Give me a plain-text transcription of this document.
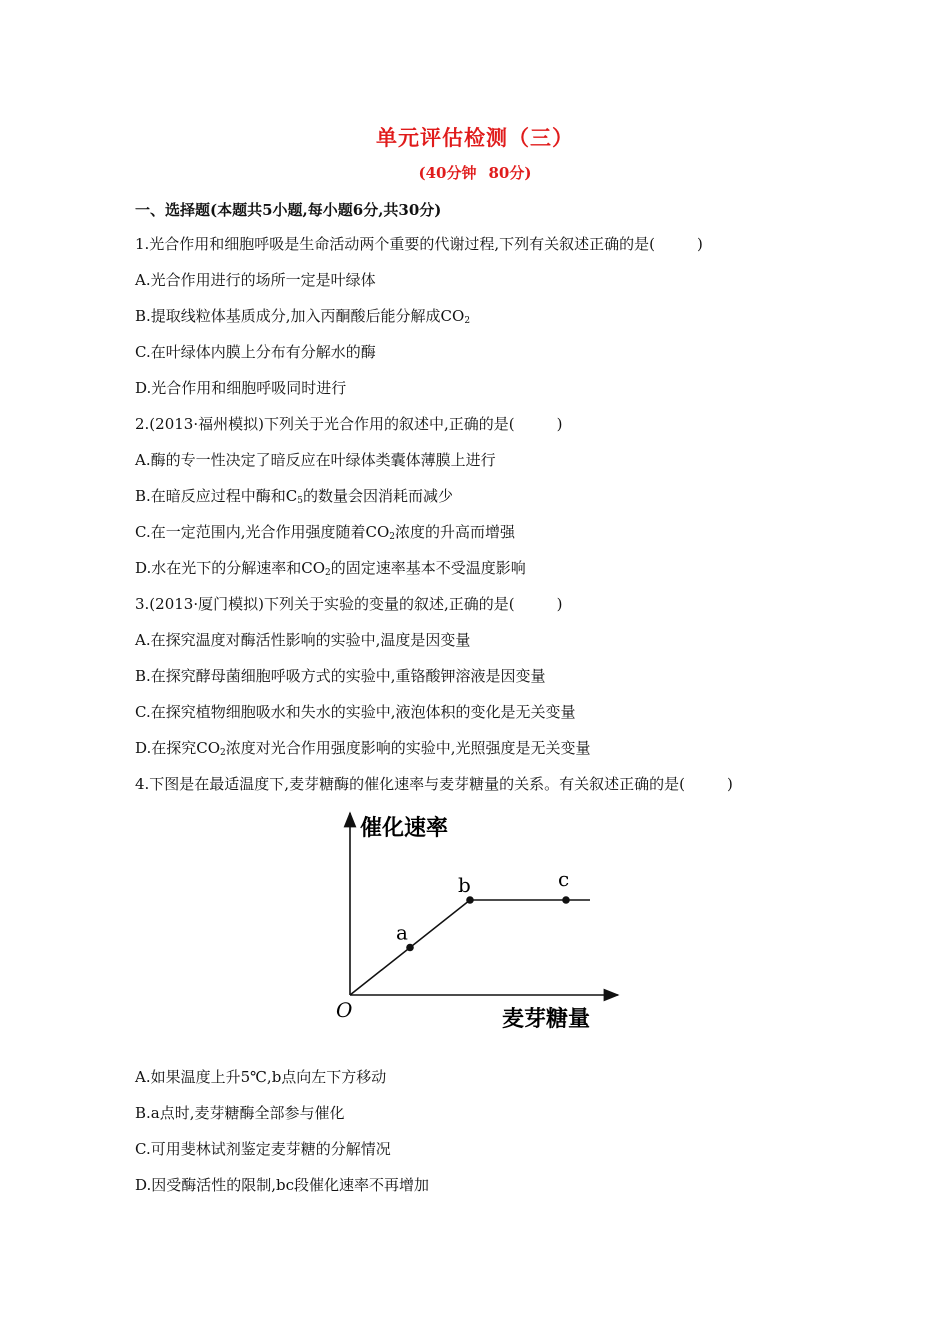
单元评估检测（三）
(40分钟 80分)
一、选择题(本题共5小题,每小题6分,共30分)
1.光合作用和细胞呼吸是生命活动两个重要的代谢过程,下列有关叙述正确的是(	)
A.光合作用进行的场所一定是叶绿体
B.提取线粒体基质成分,加入丙酮酸后能分解成$CO_2$
C.在叶绿体内膜上分布有分解水的酶
D.光合作用和细胞呼吸同时进行
2.(2013·福州模拟)下列关于光合作用的叙述中,正确的是(	)
A.酶的专一性决定了暗反应在叶绿体类囊体薄膜上进行
B.在暗反应过程中酶和$C_5$的数量会因消耗而减少
C.在一定范围内,光合作用强度随着$CO_2$浓度的升高而增强
D.水在光下的分解速率和$CO_2$的固定速率基本不受温度影响
3.(2013·厦门模拟)下列关于实验的变量的叙述,正确的是(	)
A.在探究温度对酶活性影响的实验中,温度是因变量
B.在探究酵母菌细胞呼吸方式的实验中,重铬酸钾溶液是因变量
C.在探究植物细胞吸水和失水的实验中,液泡体积的变化是无关变量
D.在探究$CO_2$浓度对光合作用强度影响的实验中,光照强度是无关变量
4.下图是在最适温度下,麦芽糖酶的催化速率与麦芽糖量的关系。有关叙述正确的是(	)
催化速率
麦芽糖量
O
a
b	c
A.如果温度上升5℃,b点向左下方移动
B.a点时,麦芽糖酶全部参与催化
C.可用斐林试剂鉴定麦芽糖的分解情况
D.因受酶活性的限制,bc段催化速率不再增加
